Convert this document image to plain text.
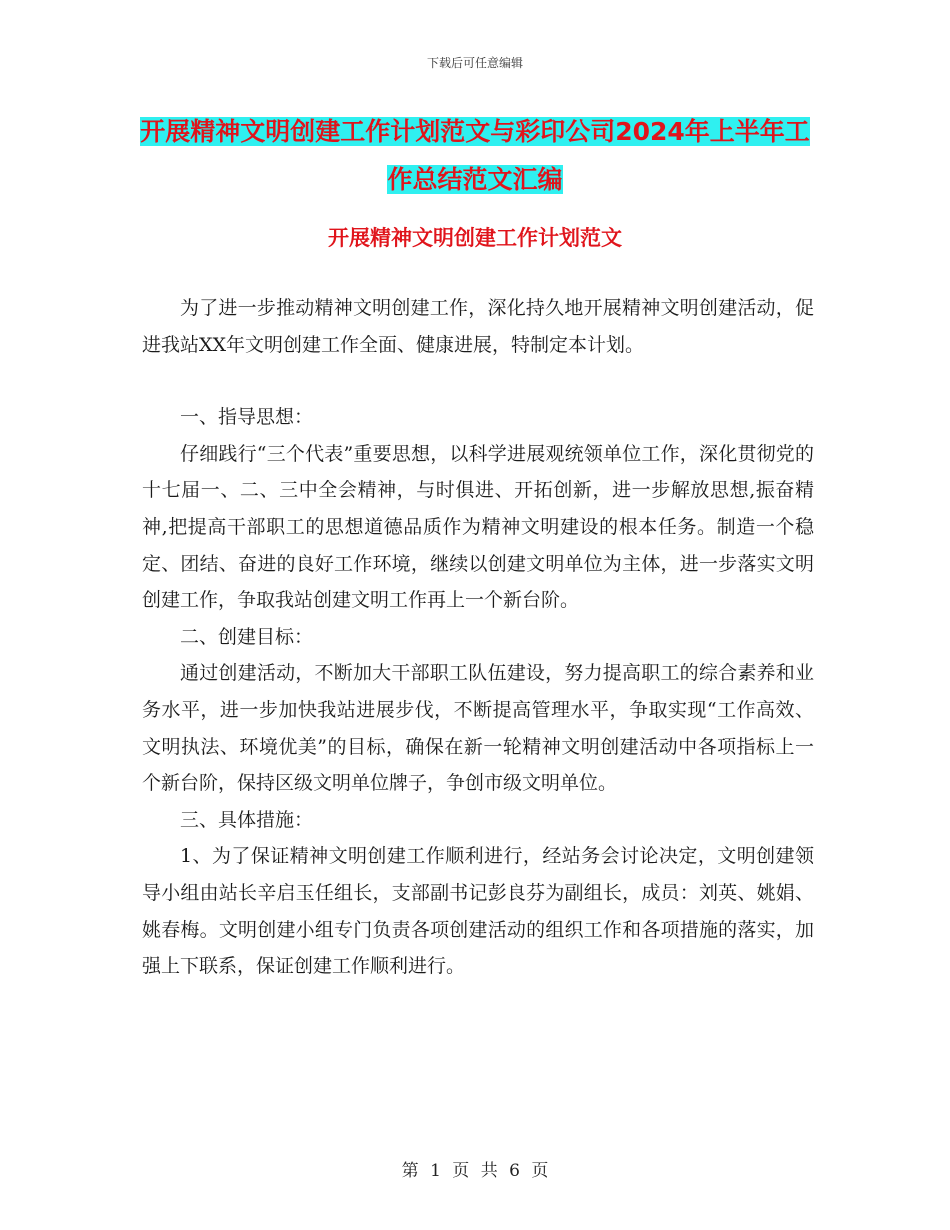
下载后可任意编辑
开展精神文明创建工作计划范文与彩印公司2024年上半年工作总结范文汇编
开展精神文明创建工作计划范文

为了进一步推动精神文明创建工作，深化持久地开展精神文明创建活动，促进我站XX年文明创建工作全面、健康进展，特制定本计划。

一、指导思想：

仔细践行“三个代表”重要思想，以科学进展观统领单位工作，深化贯彻党的十七届一、二、三中全会精神，与时俱进、开拓创新，进一步解放思想,振奋精神,把提高干部职工的思想道德品质作为精神文明建设的根本任务。制造一个稳定、团结、奋进的良好工作环境，继续以创建文明单位为主体，进一步落实文明创建工作，争取我站创建文明工作再上一个新台阶。

二、创建目标：

通过创建活动，不断加大干部职工队伍建设，努力提高职工的综合素养和业务水平，进一步加快我站进展步伐，不断提高管理水平，争取实现“工作高效、文明执法、环境优美”的目标，确保在新一轮精神文明创建活动中各项指标上一个新台阶，保持区级文明单位牌子，争创市级文明单位。

三、具体措施：

1、为了保证精神文明创建工作顺利进行，经站务会讨论决定，文明创建领导小组由站长辛启玉任组长，支部副书记彭良芬为副组长，成员：刘英、姚娟、姚春梅。文明创建小组专门负责各项创建活动的组织工作和各项措施的落实，加强上下联系，保证创建工作顺利进行。

第 1 页 共 6 页
